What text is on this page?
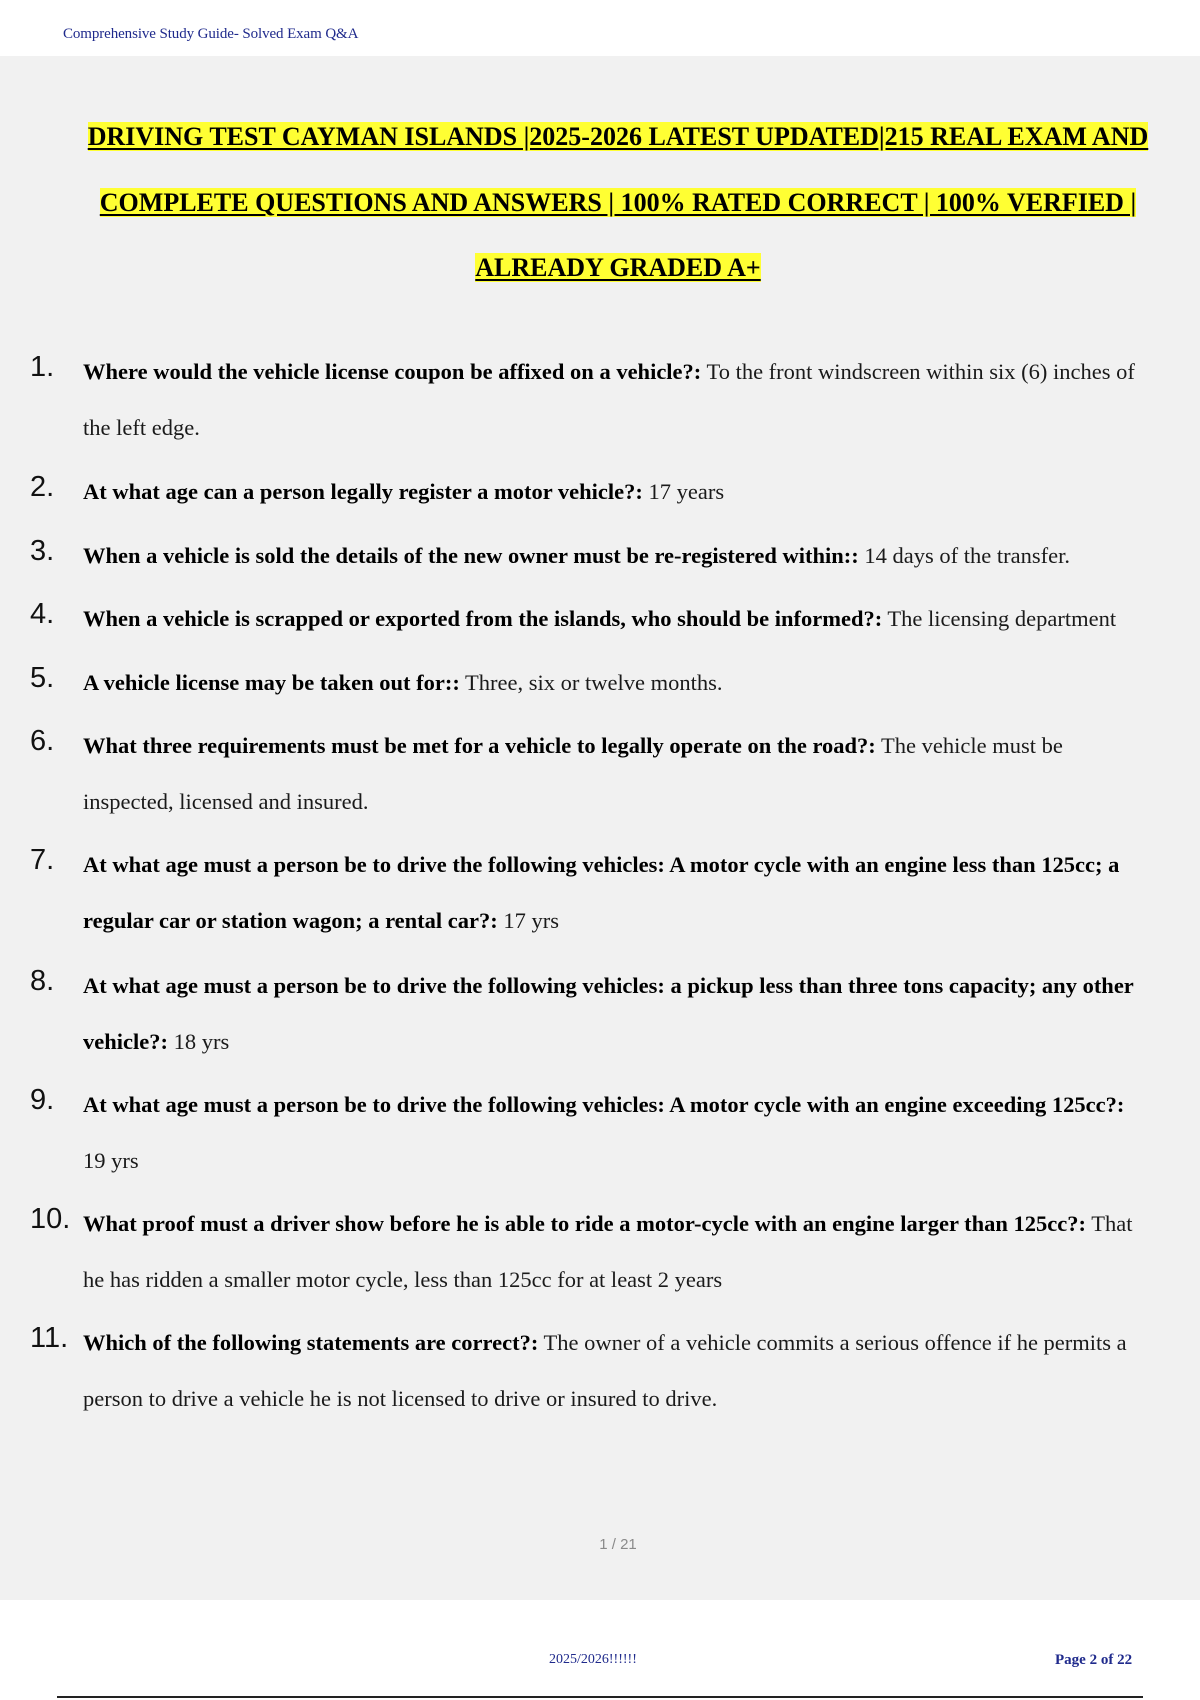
Comprehensive Study Guide- Solved Exam Q&A
DRIVING TEST CAYMAN ISLANDS |2025-2026 LATEST UPDATED|215 REAL EXAM AND
COMPLETE QUESTIONS AND ANSWERS | 100% RATED CORRECT | 100% VERFIED |
ALREADY GRADED A+
1. Where would the vehicle license coupon be affixed on a vehicle?: To the front windscreen within six (6) inches of
the left edge.
2. At what age can a person legally register a motor vehicle?: 17 years
3. When a vehicle is sold the details of the new owner must be re-registered within:: 14 days of the transfer.
4. When a vehicle is scrapped or exported from the islands, who should be informed?: The licensing department
5. A vehicle license may be taken out for:: Three, six or twelve months.
6. What three requirements must be met for a vehicle to legally operate on the road?: The vehicle must be
inspected, licensed and insured.
7. At what age must a person be to drive the following vehicles: A motor cycle with an engine less than 125cc; a
regular car or station wagon; a rental car?: 17 yrs
8. At what age must a person be to drive the following vehicles: a pickup less than three tons capacity; any other
vehicle?: 18 yrs
9. At what age must a person be to drive the following vehicles: A motor cycle with an engine exceeding 125cc?:
19 yrs
10. What proof must a driver show before he is able to ride a motor-cycle with an engine larger than 125cc?: That
he has ridden a smaller motor cycle, less than 125cc for at least 2 years
11. Which of the following statements are correct?: The owner of a vehicle commits a serious offence if he permits a
person to drive a vehicle he is not licensed to drive or insured to drive.
1 / 21
2025/2026!!!!!!	Page 2 of 22
